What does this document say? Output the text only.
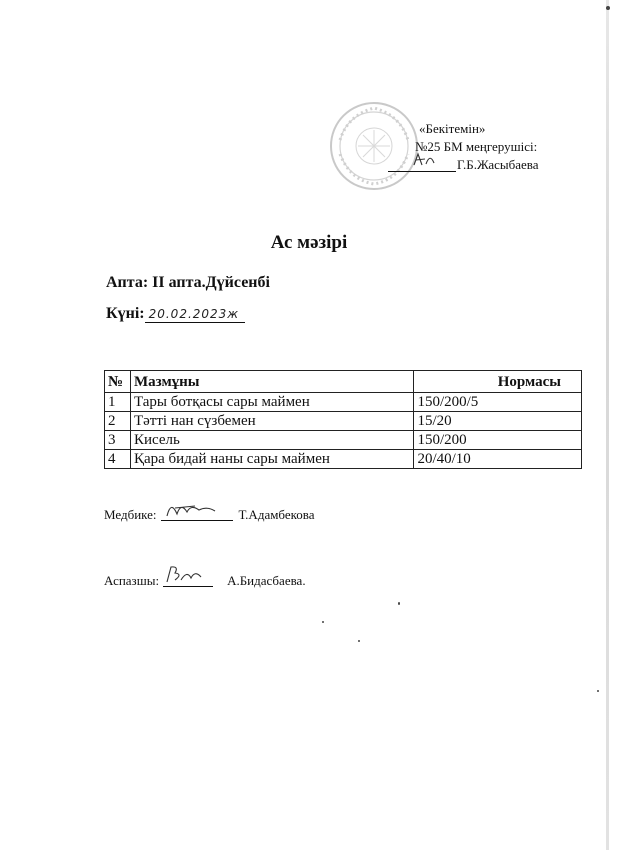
«Бекітемін»
№25 БМ меңгерушісі:
Г.Б.Жасыбаева
Ас мәзірі
Апта: II апта.Дүйсенбі
Күні: 20.02.2023ж
№	Мазмұны	Нормасы
1	Тары ботқасы сары маймен	150/200/5
2	Тәтті нан сүзбемен	15/20
3	Кисель	150/200
4	Қара бидай наны сары маймен	20/40/10
Медбике:	Т.Адамбекова
Аспазшы:	А.Бидасбаева.
